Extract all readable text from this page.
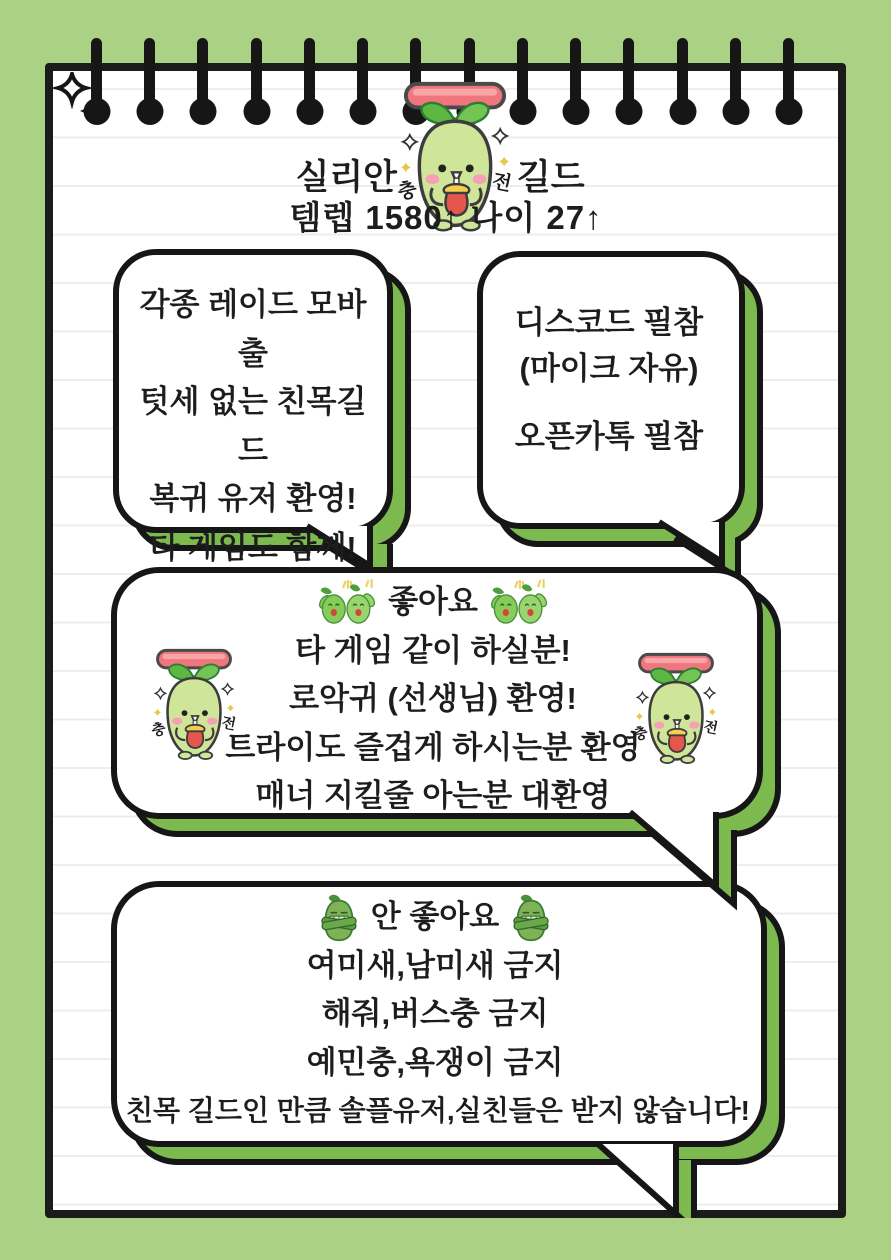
실리안	길드
템렙 1580↑ 나이 27↑
각종 레이드 모바출
텃세 없는 친목길드
복귀 유저 환영!
타 게임도 함께!
디스코드 필참
(마이크 자유)
오픈카톡 필참
좋아요
타 게임 같이 하실분!
로악귀 (선생님) 환영!
트라이도 즐겁게 하시는분 환영
매너 지킬줄 아는분 대환영
안 좋아요
여미새,남미새 금지
해줘,버스충 금지
예민충,욕쟁이 금지
친목 길드인 만큼 솔플유저,실친들은 받지 않습니다!
